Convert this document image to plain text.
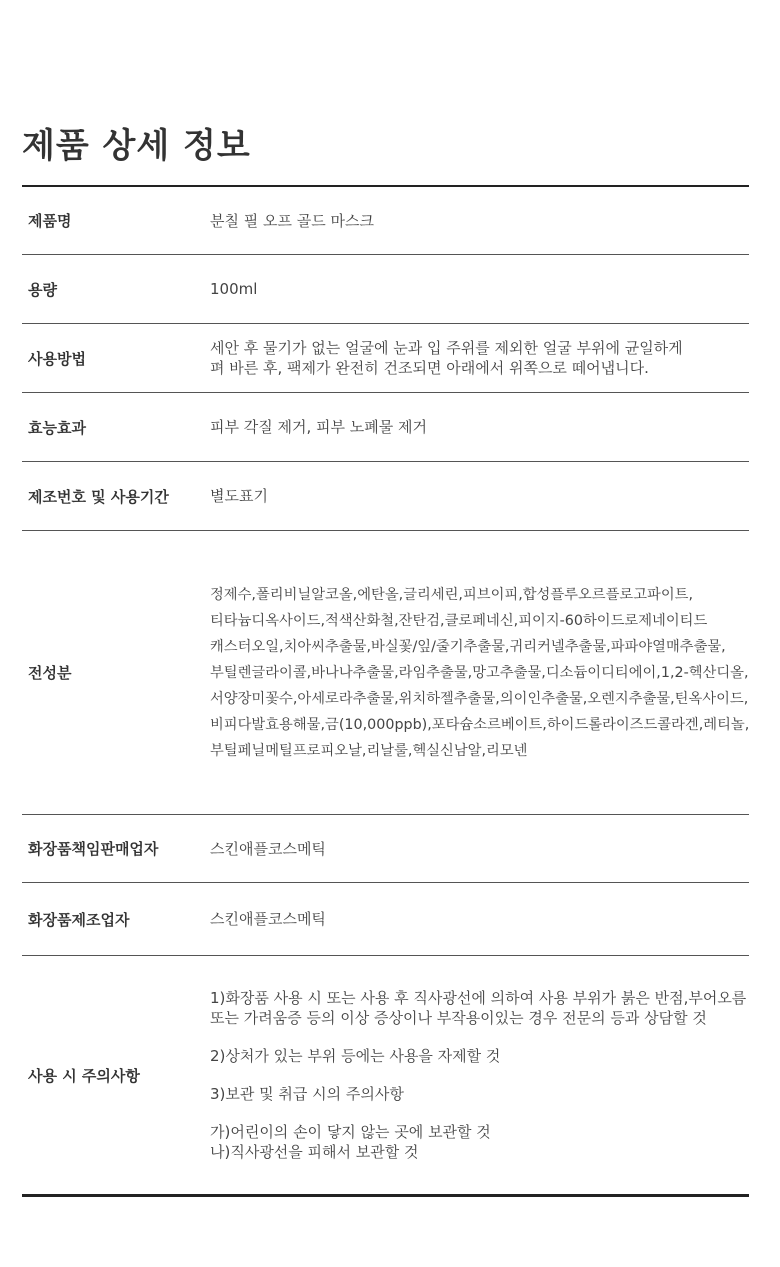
제품 상세 정보
제품명	분칠 필 오프 골드 마스크
용량	100ml
사용방법
세안 후 물기가 없는 얼굴에 눈과 입 주위를 제외한 얼굴 부위에 균일하게
펴 바른 후, 팩제가 완전히 건조되면 아래에서 위쪽으로 떼어냅니다.
효능효과	피부 각질 제거, 피부 노폐물 제거
제조번호 및 사용기간	별도표기
전성분
정제수,폴리비닐알코올,에탄올,글리세린,피브이피,합성플루오르플로고파이트,
티타늄디옥사이드,적색산화철,잔탄검,클로페네신,피이지-60하이드로제네이티드
캐스터오일,치아씨추출물,바실꽃/잎/줄기추출물,귀리커넬추출물,파파야열매추출물,
부틸렌글라이콜,바나나추출물,라임추출물,망고추출물,디소듐이디티에이,1,2-헥산디올,
서양장미꽃수,아세로라추출물,위치하젤추출물,의이인추출물,오렌지추출물,틴옥사이드,
비피다발효용해물,금(10,000ppb),포타슘소르베이트,하이드롤라이즈드콜라겐,레티놀,
부틸페닐메틸프로피오날,리날룰,헥실신남알,리모넨
화장품책임판매업자	스킨애플코스메틱
화장품제조업자	스킨애플코스메틱
사용 시 주의사항
1)화장품 사용 시 또는 사용 후 직사광선에 의하여 사용 부위가 붉은 반점,부어오름
또는 가려움증 등의 이상 증상이나 부작용이있는 경우 전문의 등과 상담할 것
2)상처가 있는 부위 등에는 사용을 자제할 것
3)보관 및 취급 시의 주의사항
가)어린이의 손이 닿지 않는 곳에 보관할 것
나)직사광선을 피해서 보관할 것
